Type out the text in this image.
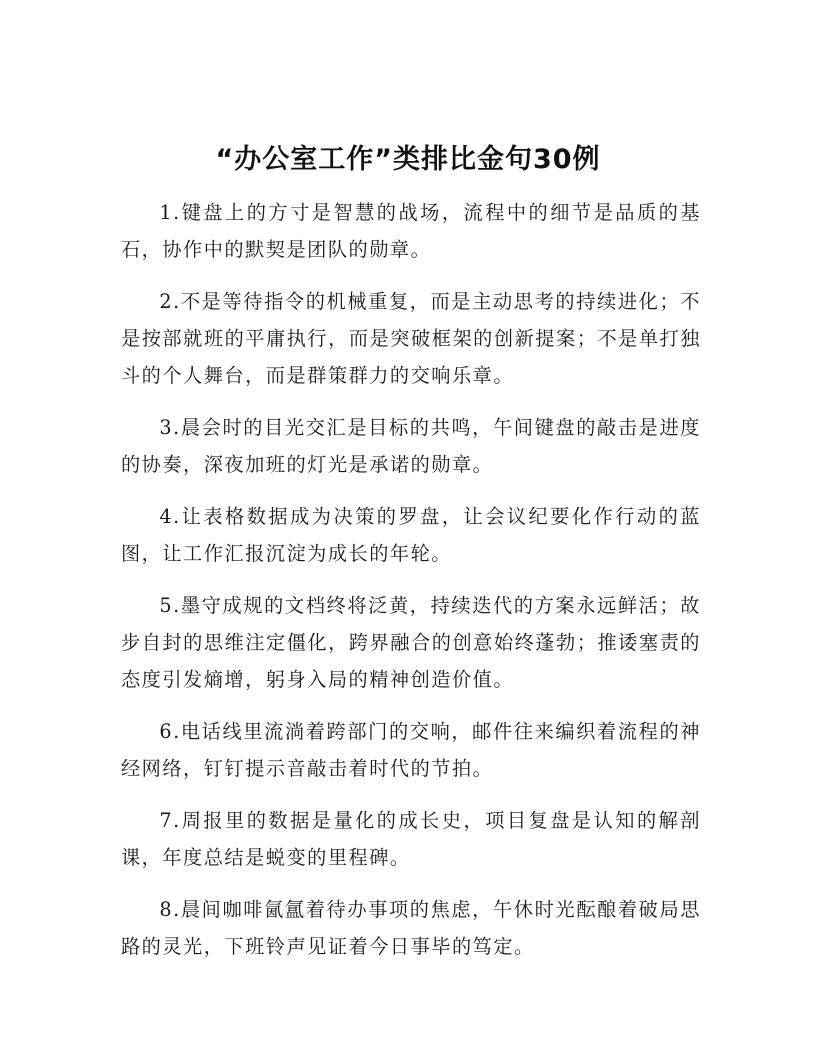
“办公室工作”类排比金句30例

1.键盘上的方寸是智慧的战场，流程中的细节是品质的基石，协作中的默契是团队的勋章。

2.不是等待指令的机械重复，而是主动思考的持续进化；不是按部就班的平庸执行，而是突破框架的创新提案；不是单打独斗的个人舞台，而是群策群力的交响乐章。

3.晨会时的目光交汇是目标的共鸣，午间键盘的敲击是进度的协奏，深夜加班的灯光是承诺的勋章。

4.让表格数据成为决策的罗盘，让会议纪要化作行动的蓝图，让工作汇报沉淀为成长的年轮。

5.墨守成规的文档终将泛黄，持续迭代的方案永远鲜活；故步自封的思维注定僵化，跨界融合的创意始终蓬勃；推诿塞责的态度引发熵增，躬身入局的精神创造价值。

6.电话线里流淌着跨部门的交响，邮件往来编织着流程的神经网络，钉钉提示音敲击着时代的节拍。

7.周报里的数据是量化的成长史，项目复盘是认知的解剖课，年度总结是蜕变的里程碑。

8.晨间咖啡氤氲着待办事项的焦虑，午休时光酝酿着破局思路的灵光，下班铃声见证着今日事毕的笃定。
